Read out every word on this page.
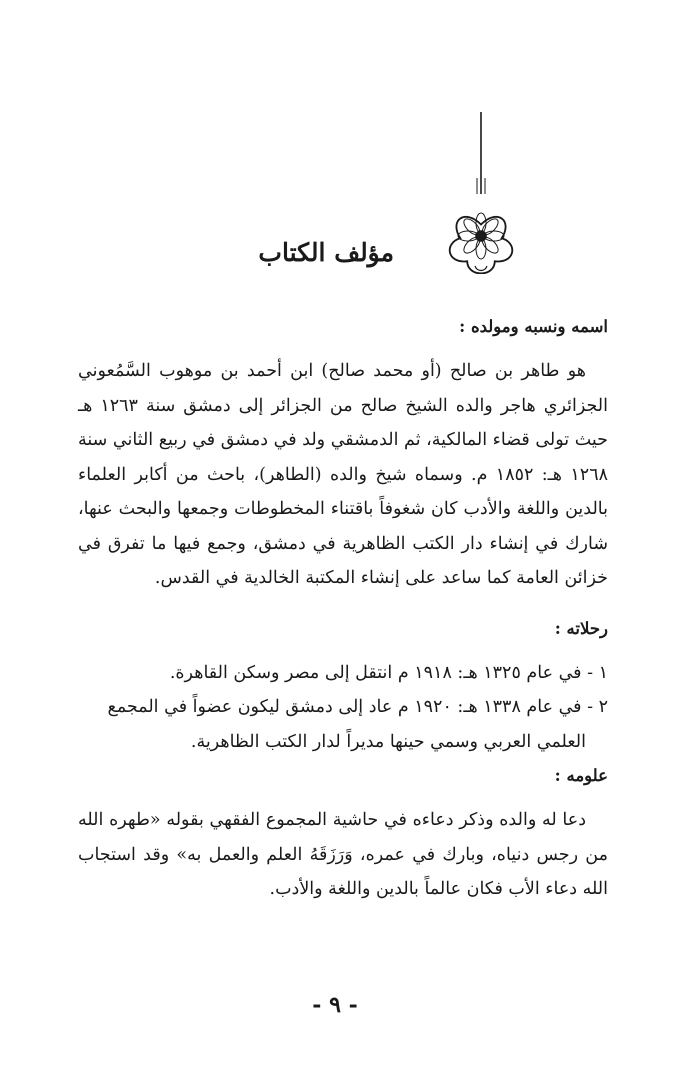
مؤلف الكتاب
اسمه ونسبه ومولده :

هو طاهر بن صالح (أو محمد صالح) ابن أحمد بن موهوب السَّمُعوني الجزائري هاجر والده الشيخ صالح من الجزائر إلى دمشق سنة ١٢٦٣ هـ حيث تولى قضاء المالكية، ثم الدمشقي ولد في دمشق في ربيع الثاني سنة ١٢٦٨ هـ: ١٨٥٢ م. وسماه شيخ والده (الطاهر)، باحث من أكابر العلماء بالدين واللغة والأدب كان شغوفاً باقتناء المخطوطات وجمعها والبحث عنها، شارك في إنشاء دار الكتب الظاهرية في دمشق، وجمع فيها ما تفرق في خزائن العامة كما ساعد على إنشاء المكتبة الخالدية في القدس.

رحلاته :
١ - في عام ١٣٢٥ هـ: ١٩١٨ م انتقل إلى مصر وسكن القاهرة.
٢ - في عام ١٣٣٨ هـ: ١٩٢٠ م عاد إلى دمشق ليكون عضواً في المجمع
العلمي العربي وسمي حينها مديراً لدار الكتب الظاهرية.
علومه :

دعا له والده وذكر دعاءه في حاشية المجموع الفقهي بقوله «طهره الله من رجس دنياه، وبارك في عمره، وَرَزَقَهُ العلم والعمل به» وقد استجاب الله دعاء الأب فكان عالماً بالدين واللغة والأدب.

- ٩ -
